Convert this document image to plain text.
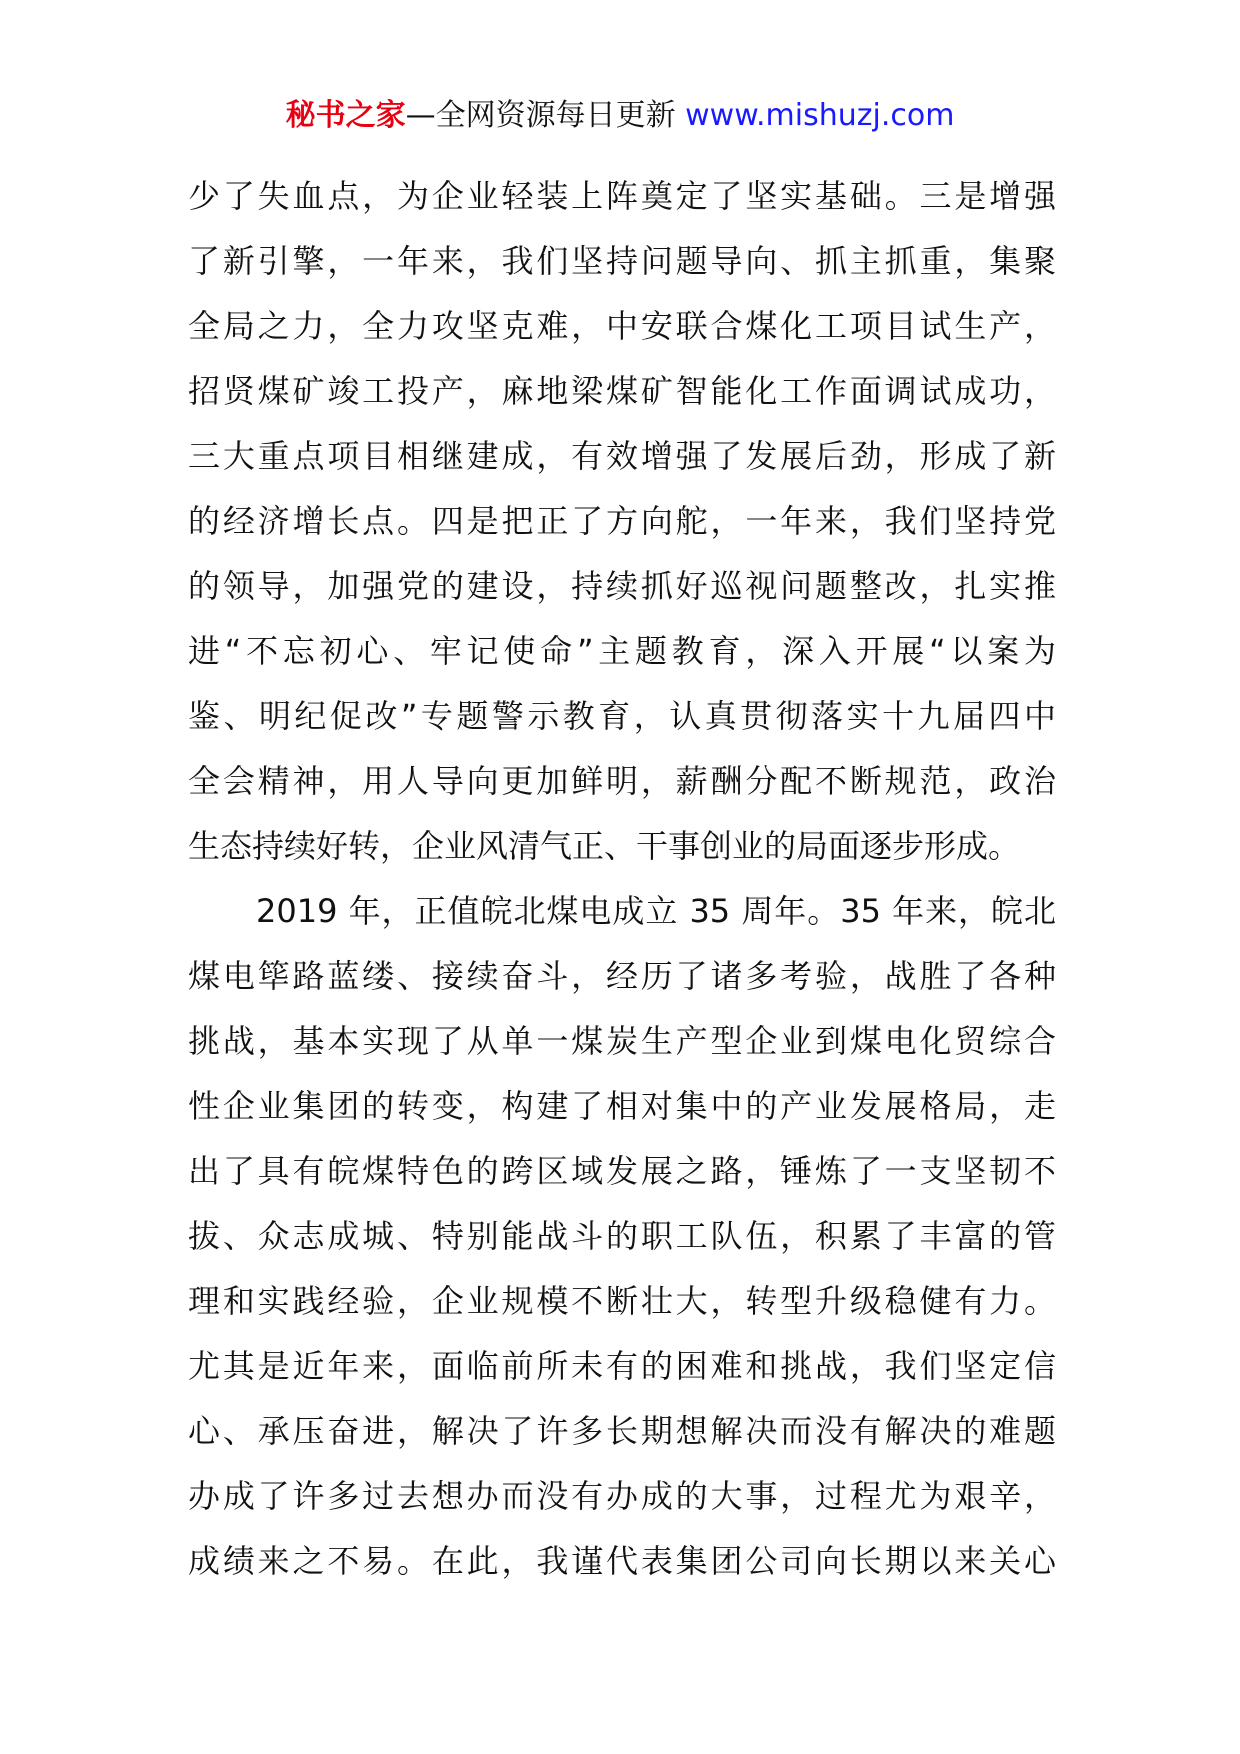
秘书之家—全网资源每日更新 www.mishuzj.com
少了失血点，为企业轻装上阵奠定了坚实基础。三是增强
了新引擎，一年来，我们坚持问题导向、抓主抓重，集聚
全局之力，全力攻坚克难，中安联合煤化工项目试生产，
招贤煤矿竣工投产，麻地梁煤矿智能化工作面调试成功，
三大重点项目相继建成，有效增强了发展后劲，形成了新
的经济增长点。四是把正了方向舵，一年来，我们坚持党
的领导，加强党的建设，持续抓好巡视问题整改，扎实推
进“不忘初心、牢记使命”主题教育，深入开展“以案为
鉴、明纪促改”专题警示教育，认真贯彻落实十九届四中
全会精神，用人导向更加鲜明，薪酬分配不断规范，政治
生态持续好转，企业风清气正、干事创业的局面逐步形成。
2019 年，正值皖北煤电成立 35 周年。35 年来，皖北
煤电筚路蓝缕、接续奋斗，经历了诸多考验，战胜了各种
挑战，基本实现了从单一煤炭生产型企业到煤电化贸综合
性企业集团的转变，构建了相对集中的产业发展格局，走
出了具有皖煤特色的跨区域发展之路，锤炼了一支坚韧不
拔、众志成城、特别能战斗的职工队伍，积累了丰富的管
理和实践经验，企业规模不断壮大，转型升级稳健有力。
尤其是近年来，面临前所未有的困难和挑战，我们坚定信
心、承压奋进，解决了许多长期想解决而没有解决的难题
办成了许多过去想办而没有办成的大事，过程尤为艰辛，
成绩来之不易。在此，我谨代表集团公司向长期以来关心
